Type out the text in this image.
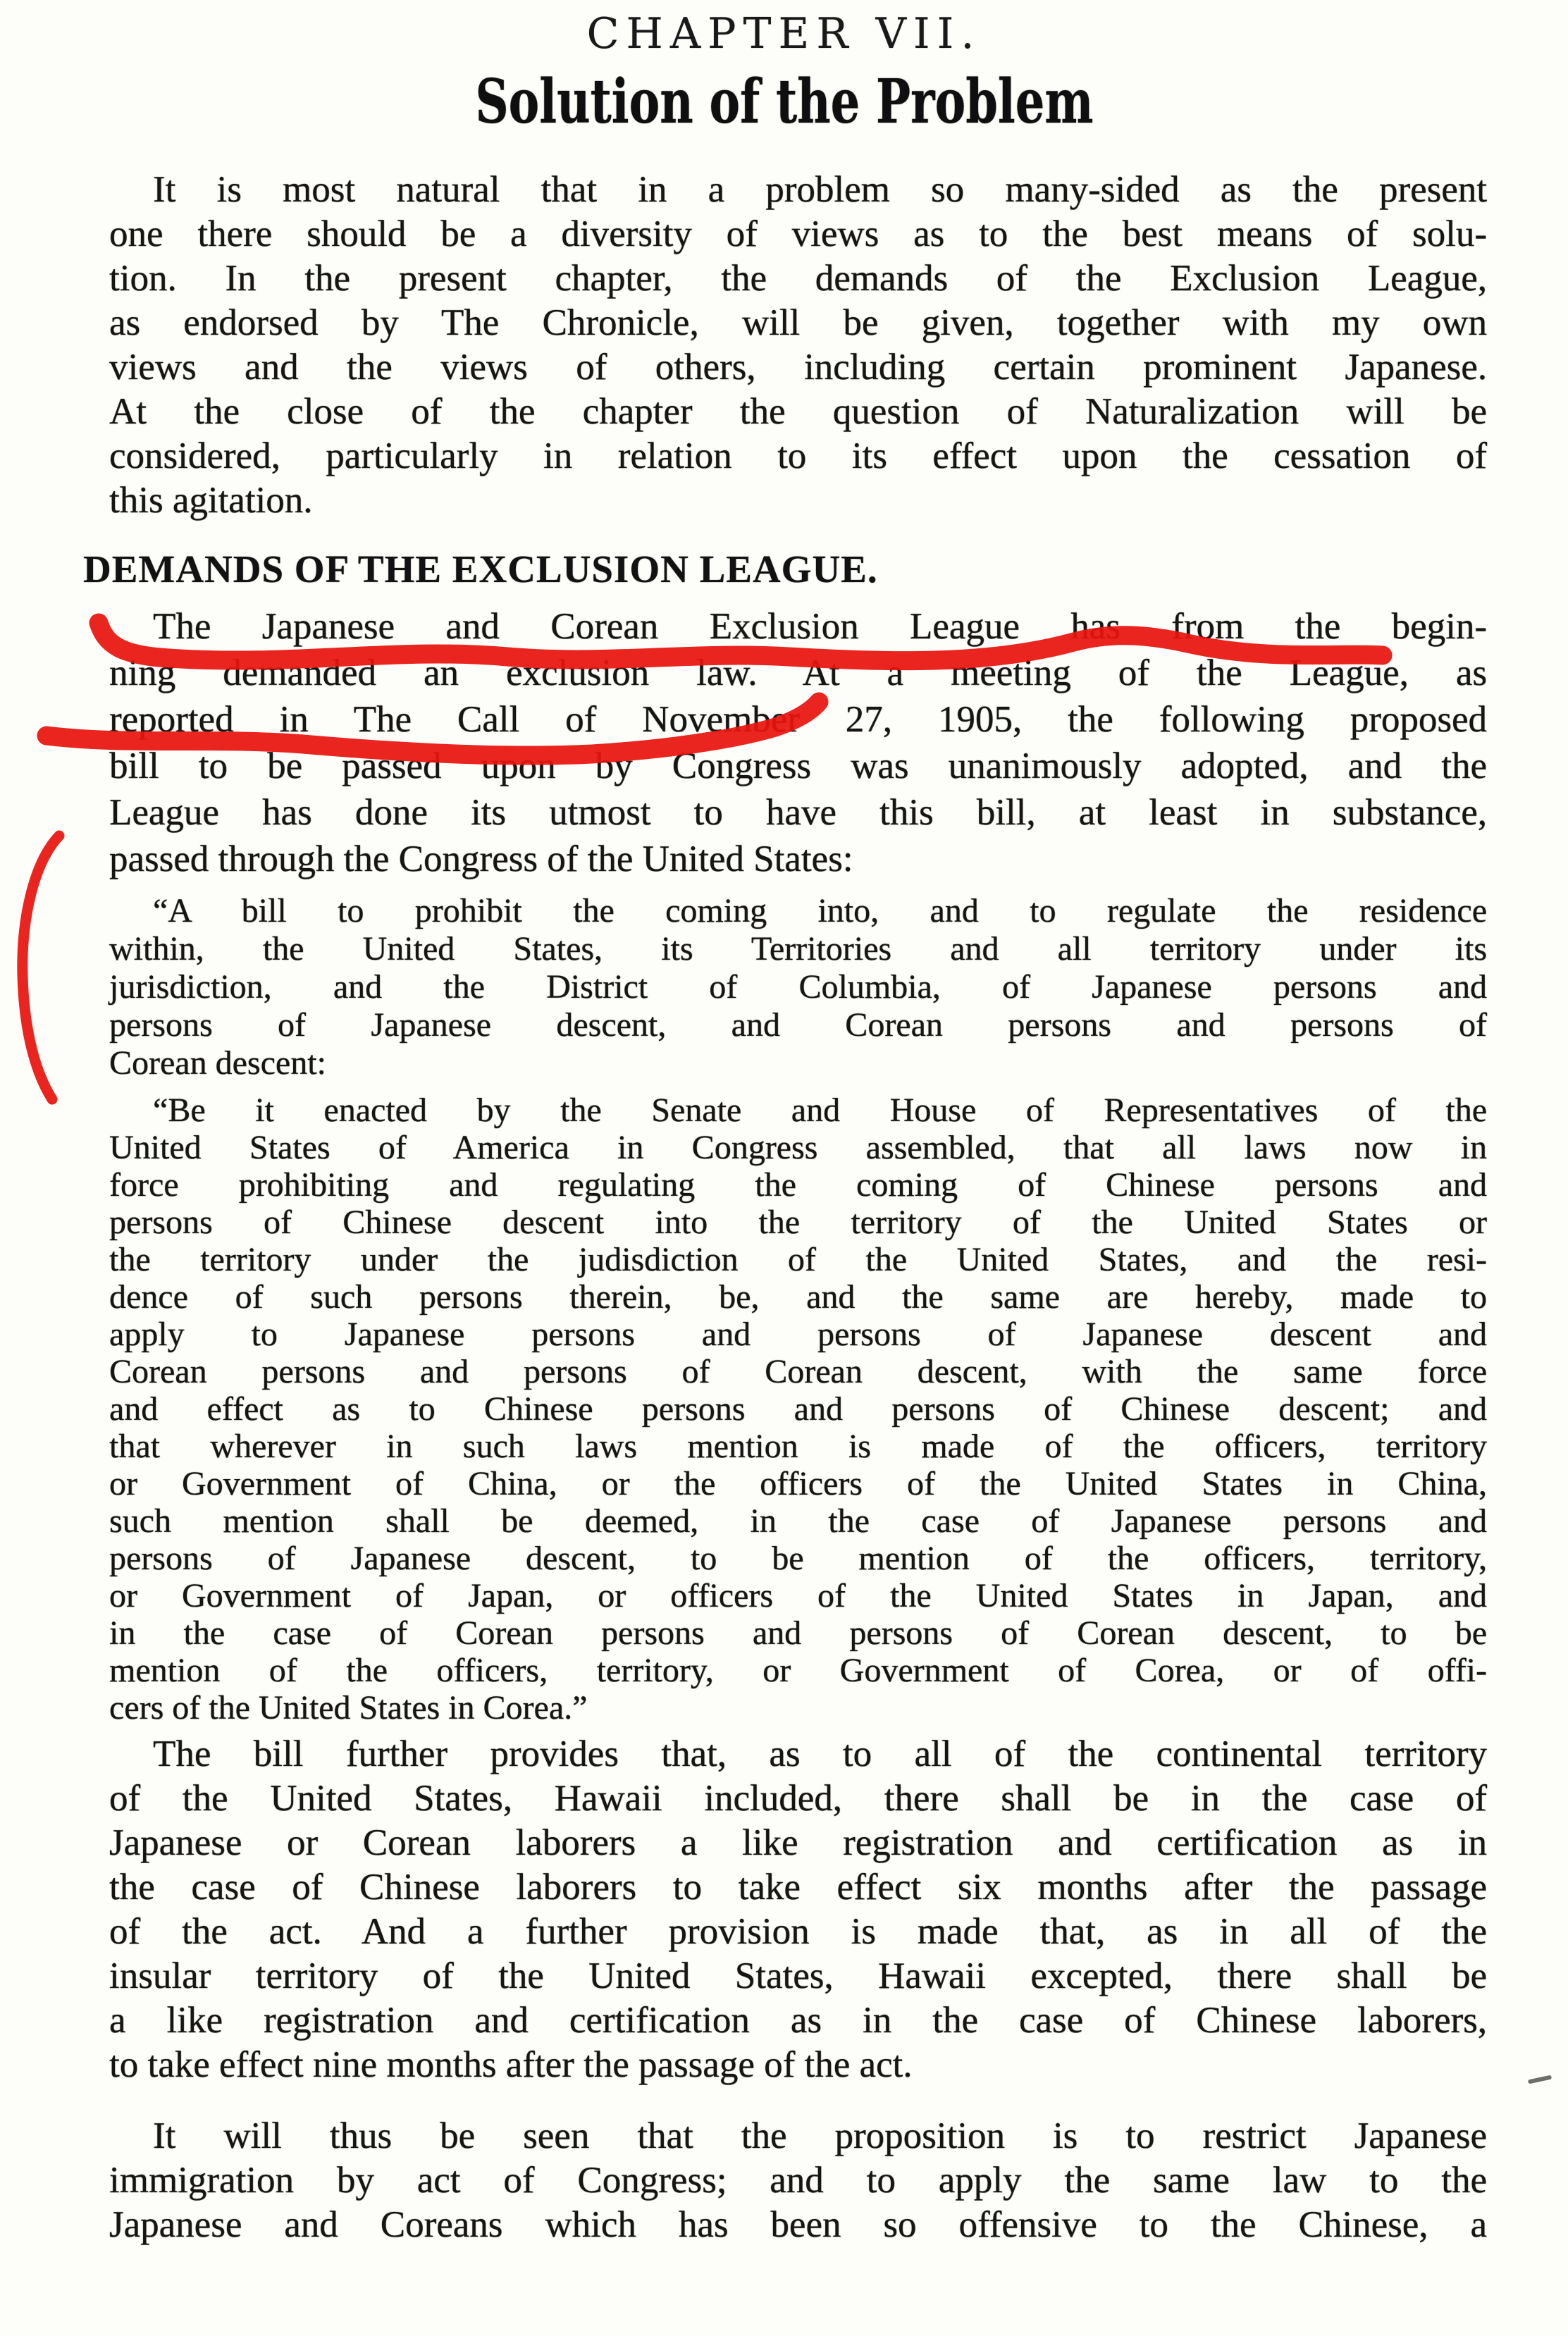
CHAPTER VII.
Solution of the Problem
It is most natural that in a problem so many-sided as the present
one there should be a diversity of views as to the best means of solu-
tion. In the present chapter, the demands of the Exclusion League,
as endorsed by The Chronicle, will be given, together with my own
views and the views of others, including certain prominent Japanese.
At the close of the chapter the question of Naturalization will be
considered, particularly in relation to its effect upon the cessation of
this agitation.
DEMANDS OF THE EXCLUSION LEAGUE.
The Japanese and Corean Exclusion League has from the begin-
ning demanded an exclusion law. At a meeting of the League, as
reported in The Call of November 27, 1905, the following proposed
bill to be passed upon by Congress was unanimously adopted, and the
League has done its utmost to have this bill, at least in substance,
passed through the Congress of the United States:
“A bill to prohibit the coming into, and to regulate the residence
within, the United States, its Territories and all territory under its
jurisdiction, and the District of Columbia, of Japanese persons and
persons of Japanese descent, and Corean persons and persons of
Corean descent:
“Be it enacted by the Senate and House of Representatives of the
United States of America in Congress assembled, that all laws now in
force prohibiting and regulating the coming of Chinese persons and
persons of Chinese descent into the territory of the United States or
the territory under the judisdiction of the United States, and the resi-
dence of such persons therein, be, and the same are hereby, made to
apply to Japanese persons and persons of Japanese descent and
Corean persons and persons of Corean descent, with the same force
and effect as to Chinese persons and persons of Chinese descent; and
that wherever in such laws mention is made of the officers, territory
or Government of China, or the officers of the United States in China,
such mention shall be deemed, in the case of Japanese persons and
persons of Japanese descent, to be mention of the officers, territory,
or Government of Japan, or officers of the United States in Japan, and
in the case of Corean persons and persons of Corean descent, to be
mention of the officers, territory, or Government of Corea, or of offi-
cers of the United States in Corea.”
The bill further provides that, as to all of the continental territory
of the United States, Hawaii included, there shall be in the case of
Japanese or Corean laborers a like registration and certification as in
the case of Chinese laborers to take effect six months after the passage
of the act. And a further provision is made that, as in all of the
insular territory of the United States, Hawaii excepted, there shall be
a like registration and certification as in the case of Chinese laborers,
to take effect nine months after the passage of the act.
It will thus be seen that the proposition is to restrict Japanese
immigration by act of Congress; and to apply the same law to the
Japanese and Coreans which has been so offensive to the Chinese, a
